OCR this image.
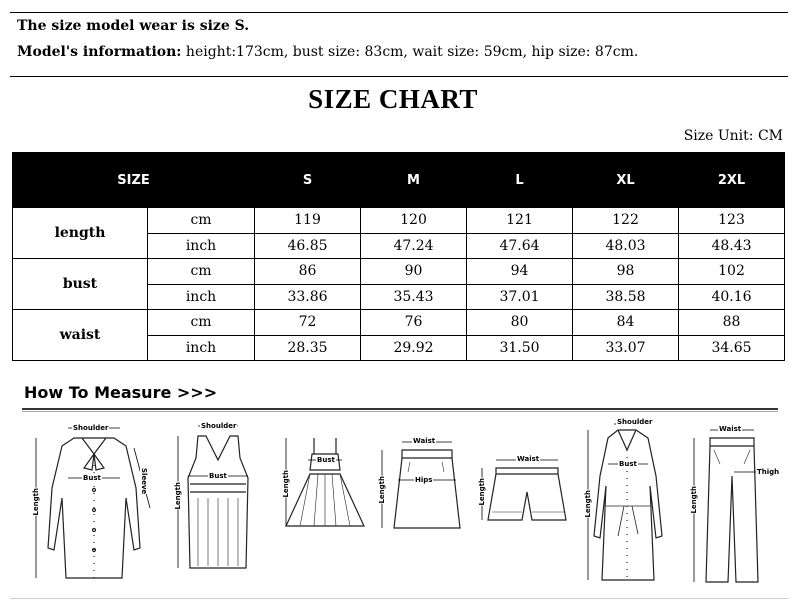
The size model wear is size S.
Model's information: height:173cm, bust size: 83cm, wait size: 59cm, hip size: 87cm.
SIZE CHART
Size Unit: CM
SIZE		S	M	L	XL	2XL
length	cm	119	120	121	122	123
	inch	46.85	47.24	47.64	48.03	48.43
bust	cm	86	90	94	98	102
	inch	33.86	35.43	37.01	38.58	40.16
waist	cm	72	76	80	84	88
	inch	28.35	29.92	31.50	33.07	34.65
How To Measure >>>
Shoulder
Bust
Length
Sleeve
Shoulder
Bust
Length
Bust
Length
Waist
Hips
Length
Waist
Length
Shoulder
Bust
Length
Waist
Thigh
Length
